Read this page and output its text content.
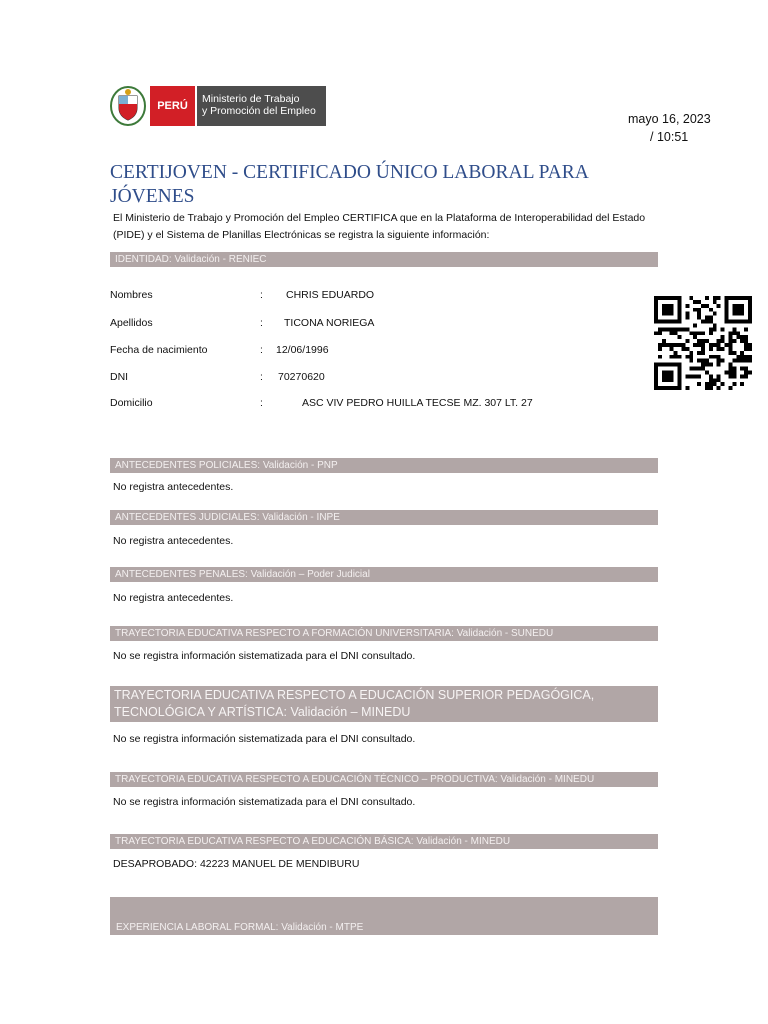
PERÚ
Ministerio de Trabajo
y Promoción del Empleo
mayo 16, 2023
/ 10:51
CERTIJOVEN - CERTIFICADO ÚNICO LABORAL PARA JÓVENES
El Ministerio de Trabajo y Promoción del Empleo CERTIFICA que en la Plataforma de Interoperabilidad del Estado (PIDE) y el Sistema de Planillas Electrónicas se registra la siguiente información:
IDENTIDAD: Validación - RENIEC
Nombres	: CHRIS EDUARDO
Apellidos	: TICONA NORIEGA
Fecha de nacimiento	: 12/06/1996
DNI	: 70270620
Domicilio	:	ASC VIV PEDRO HUILLA TECSE MZ. 307 LT. 27
ANTECEDENTES POLICIALES: Validación - PNP
No registra antecedentes.
ANTECEDENTES JUDICIALES: Validación - INPE
No registra antecedentes.
ANTECEDENTES PENALES: Validación – Poder Judicial
No registra antecedentes.
TRAYECTORIA EDUCATIVA RESPECTO A FORMACIÓN UNIVERSITARIA: Validación - SUNEDU
No se registra información sistematizada para el DNI consultado.
TRAYECTORIA EDUCATIVA RESPECTO A EDUCACIÓN SUPERIOR PEDAGÓGICA, TECNOLÓGICA Y ARTÍSTICA: Validación – MINEDU
No se registra información sistematizada para el DNI consultado.
TRAYECTORIA EDUCATIVA RESPECTO A EDUCACIÓN TÉCNICO – PRODUCTIVA: Validación - MINEDU
No se registra información sistematizada para el DNI consultado.
TRAYECTORIA EDUCATIVA RESPECTO A EDUCACIÓN BÁSICA: Validación - MINEDU
DESAPROBADO: 42223 MANUEL DE MENDIBURU
EXPERIENCIA LABORAL FORMAL: Validación - MTPE
